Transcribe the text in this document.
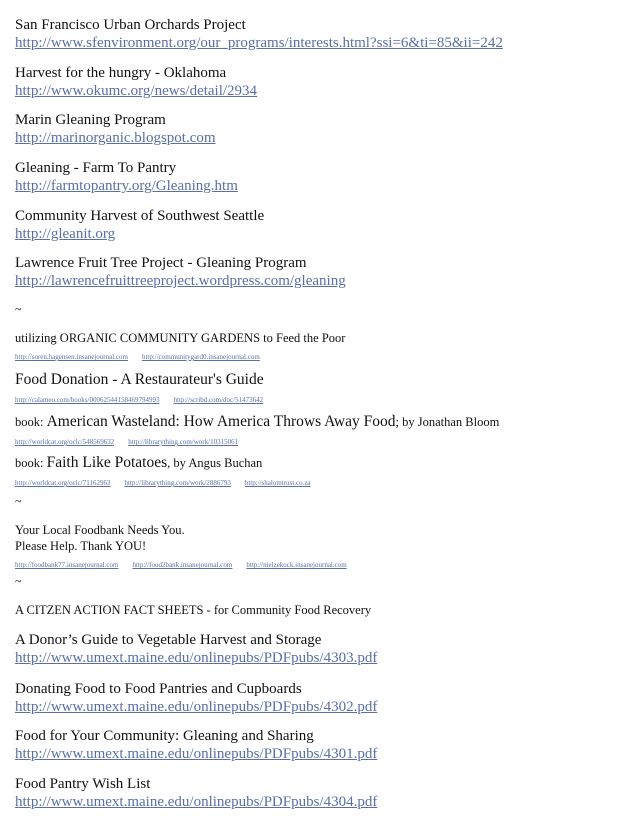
San Francisco Urban Orchards Project
http://www.sfenvironment.org/our_programs/interests.html?ssi=6&ti=85&ii=242
Harvest for the hungry - Oklahoma
http://www.okumc.org/news/detail/2934
Marin Gleaning Program
http://marinorganic.blogspot.com
Gleaning - Farm To Pantry
http://farmtopantry.org/Gleaning.htm
Community Harvest of Southwest Seattle
http://gleanit.org
Lawrence Fruit Tree Project - Gleaning Program
http://lawrencefruittreeproject.wordpress.com/gleaning
~
utilizing ORGANIC COMMUNITY GARDENS to Feed the Poor
http://soren.hagensen.insanejournal.com http://communitygard0.insanejournal.com
Food Donation - A Restaurateur's Guide
http://calameo.com/books/00062544158469794993 http://scribd.com/doc/51473642
book: American Wasteland: How America Throws Away Food; by Jonathan Bloom
http://worldcat.org/oclc/548569632 http://librarything.com/work/10315061
book: Faith Like Potatoes, by Angus Buchan
http://worldcat.org/oclc/71162963 http://librarything.com/work/2886793 http://shalomtrust.co.za
~
Your Local Foodbank Needs You.
Please Help. Thank YOU!
http://foodbank77.insanejournal.com http://food2bank.insanejournal.com http://nielzekock.insanejournal.com
~
A CITZEN ACTION FACT SHEETS - for Community Food Recovery
A Donor’s Guide to Vegetable Harvest and Storage
http://www.umext.maine.edu/onlinepubs/PDFpubs/4303.pdf
Donating Food to Food Pantries and Cupboards
http://www.umext.maine.edu/onlinepubs/PDFpubs/4302.pdf
Food for Your Community: Gleaning and Sharing
http://www.umext.maine.edu/onlinepubs/PDFpubs/4301.pdf
Food Pantry Wish List
http://www.umext.maine.edu/onlinepubs/PDFpubs/4304.pdf
